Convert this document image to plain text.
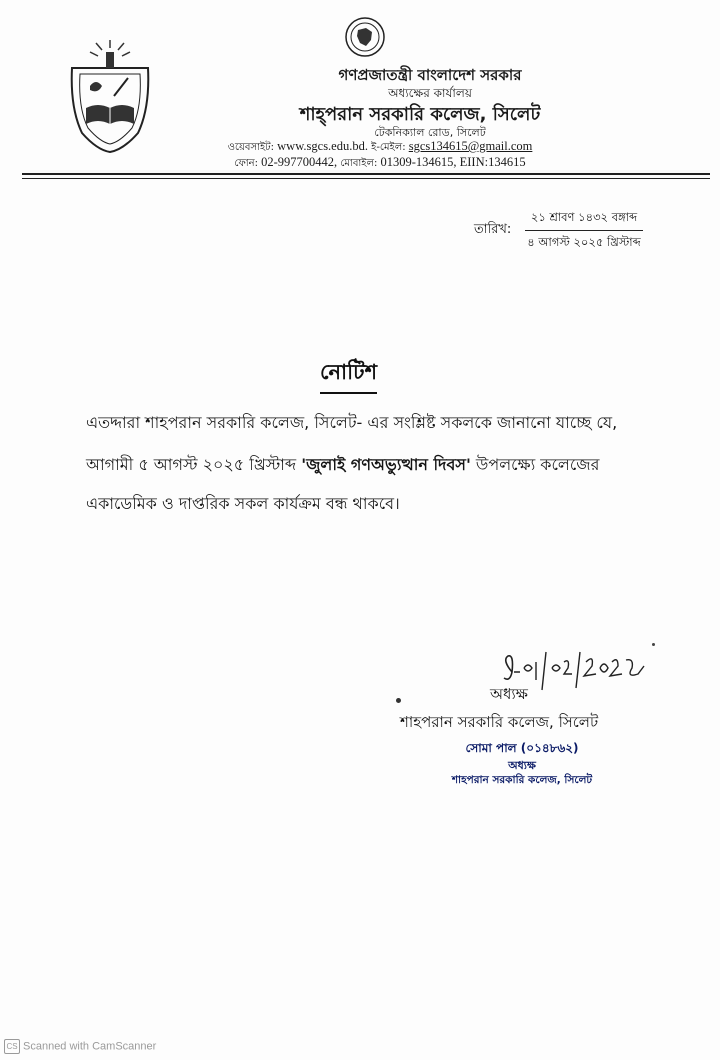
গণপ্রজাতন্ত্রী বাংলাদেশ সরকার
অধ্যক্ষের কার্যালয়
শাহ্‌পরান সরকারি কলেজ, সিলেট
টেকনিক্যাল রোড, সিলেট
ওয়েবসাইট: www.sgcs.edu.bd. ই-মেইল: sgcs134615@gmail.com
ফোন: 02-997700442, মোবাইল: 01309-134615, EIIN:134615
তারিখ:
২১ শ্রাবণ ১৪৩২ বঙ্গাব্দ
৪ আগস্ট ২০২৫ খ্রিস্টাব্দ
নোটিশ
এতদ্দারা শাহপরান সরকারি কলেজ, সিলেট- এর সংশ্লিষ্ট সকলকে জানানো যাচ্ছে যে,
আগামী ৫ আগস্ট ২০২৫ খ্রিস্টাব্দ 'জুলাই গণঅভ্যুত্থান দিবস' উপলক্ষ্যে কলেজের
একাডেমিক ও দাপ্তরিক সকল কার্যক্রম বন্ধ থাকবে।
অধ্যক্ষ
শাহপরান সরকারি কলেজ, সিলেট
সোমা পাল (০১৪৮৬২)
অধ্যক্ষ
শাহপরান সরকারি কলেজ, সিলেট
CS Scanned with CamScanner
